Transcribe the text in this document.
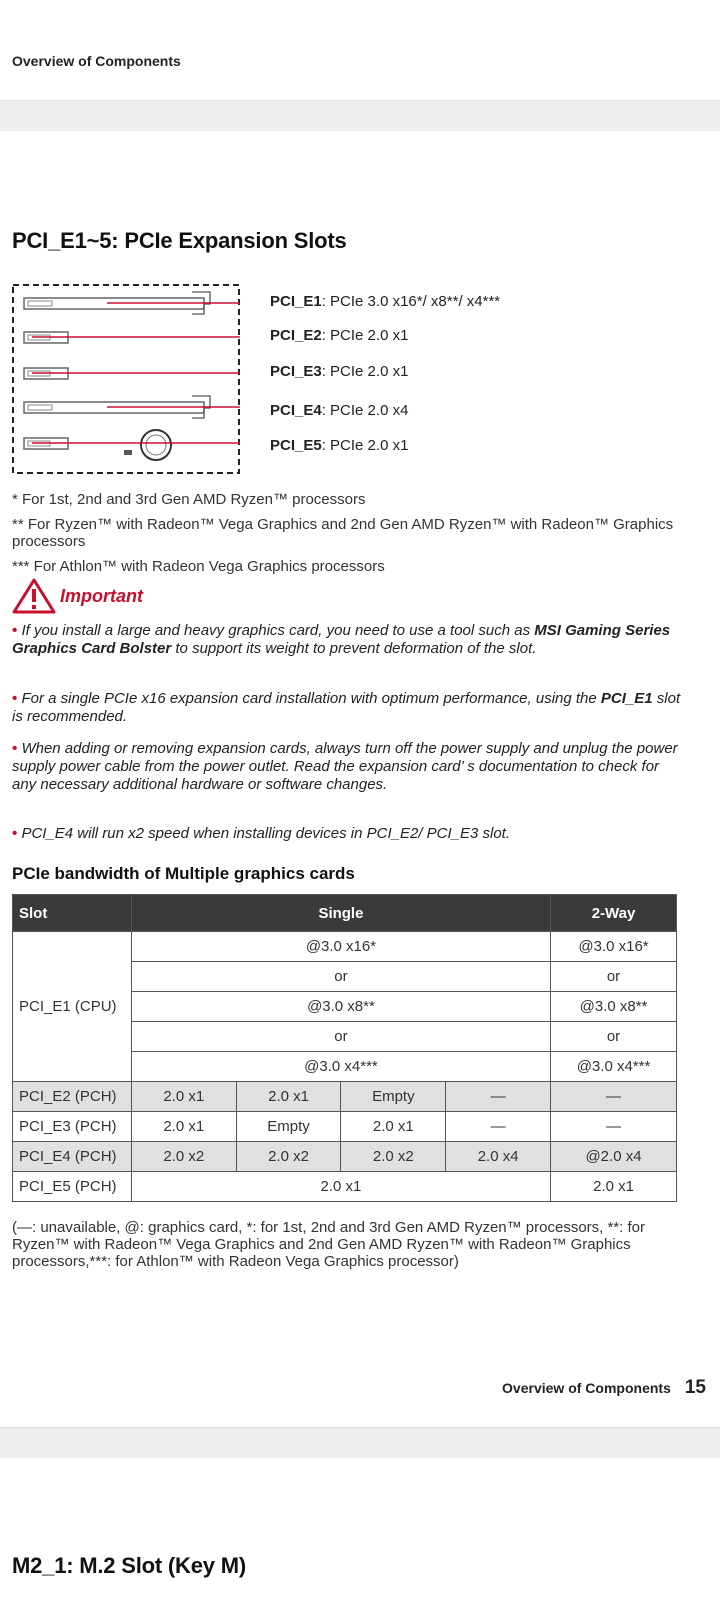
Overview of Components
PCI_E1~5: PCIe Expansion Slots
PCI_E1: PCIe 3.0 x16*/ x8**/ x4***
PCI_E2: PCIe 2.0 x1
PCI_E3: PCIe 2.0 x1
PCI_E4: PCIe 2.0 x4
PCI_E5: PCIe 2.0 x1
* For 1st, 2nd and 3rd Gen AMD Ryzen™ processors
** For Ryzen™ with Radeon™ Vega Graphics and 2nd Gen AMD Ryzen™ with Radeon™ Graphics processors
*** For Athlon™ with Radeon Vega Graphics processors
Important
• If you install a large and heavy graphics card, you need to use a tool such as MSI Gaming Series Graphics Card Bolster to support its weight to prevent deformation of the slot.
• For a single PCIe x16 expansion card installation with optimum performance, using the PCI_E1 slot is recommended.
• When adding or removing expansion cards, always turn off the power supply and unplug the power supply power cable from the power outlet. Read the expansion card’ s documentation to check for any necessary additional hardware or software changes.
• PCI_E4 will run x2 speed when installing devices in PCI_E2/ PCI_E3 slot.
PCIe bandwidth of Multiple graphics cards
Slot	Single				2-Way
PCI_E1 (CPU)	@3.0 x16*				@3.0 x16*
	or				or
	@3.0 x8**				@3.0 x8**
	or				or
	@3.0 x4***				@3.0 x4***
PCI_E2 (PCH)	2.0 x1	2.0 x1	Empty	—	—
PCI_E3 (PCH)	2.0 x1	Empty	2.0 x1	—	—
PCI_E4 (PCH)	2.0 x2	2.0 x2	2.0 x2	2.0 x4	@2.0 x4
PCI_E5 (PCH)	2.0 x1				2.0 x1
(—: unavailable, @: graphics card, *: for 1st, 2nd and 3rd Gen AMD Ryzen™ processors, **: for Ryzen™ with Radeon™ Vega Graphics and 2nd Gen AMD Ryzen™ with Radeon™ Graphics processors,***: for Athlon™ with Radeon Vega Graphics processor)
Overview of Components 15
M2_1: M.2 Slot (Key M)
